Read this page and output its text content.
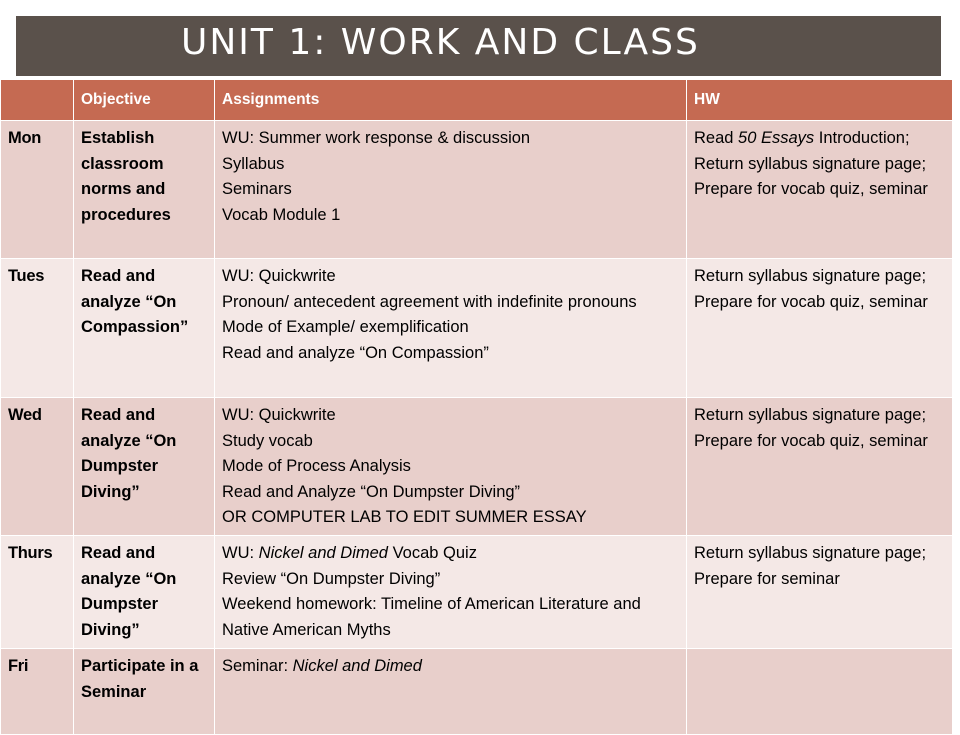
UNIT 1: WORK AND CLASS
	Objective	Assignments	HW
Mon	Establish classroom norms and procedures	WU: Summer work response & discussion
Syllabus
Seminars
Vocab Module 1	Read 50 Essays Introduction; Return syllabus signature page; Prepare for vocab quiz, seminar
Tues	Read and analyze “On Compassion”	WU: Quickwrite
Pronoun/ antecedent agreement with indefinite pronouns
Mode of Example/ exemplification
Read and analyze “On Compassion”	Return syllabus signature page; Prepare for vocab quiz, seminar
Wed	Read and analyze “On Dumpster Diving”	WU: Quickwrite
Study vocab
Mode of Process Analysis
Read and Analyze “On Dumpster Diving”
OR COMPUTER LAB TO EDIT SUMMER ESSAY	Return syllabus signature page; Prepare for vocab quiz, seminar
Thurs	Read and analyze “On Dumpster Diving”	WU: Nickel and Dimed Vocab Quiz
Review “On Dumpster Diving”
Weekend homework: Timeline of American Literature and Native American Myths	Return syllabus signature page; Prepare for seminar
Fri	Participate in a Seminar	Seminar: Nickel and Dimed	
